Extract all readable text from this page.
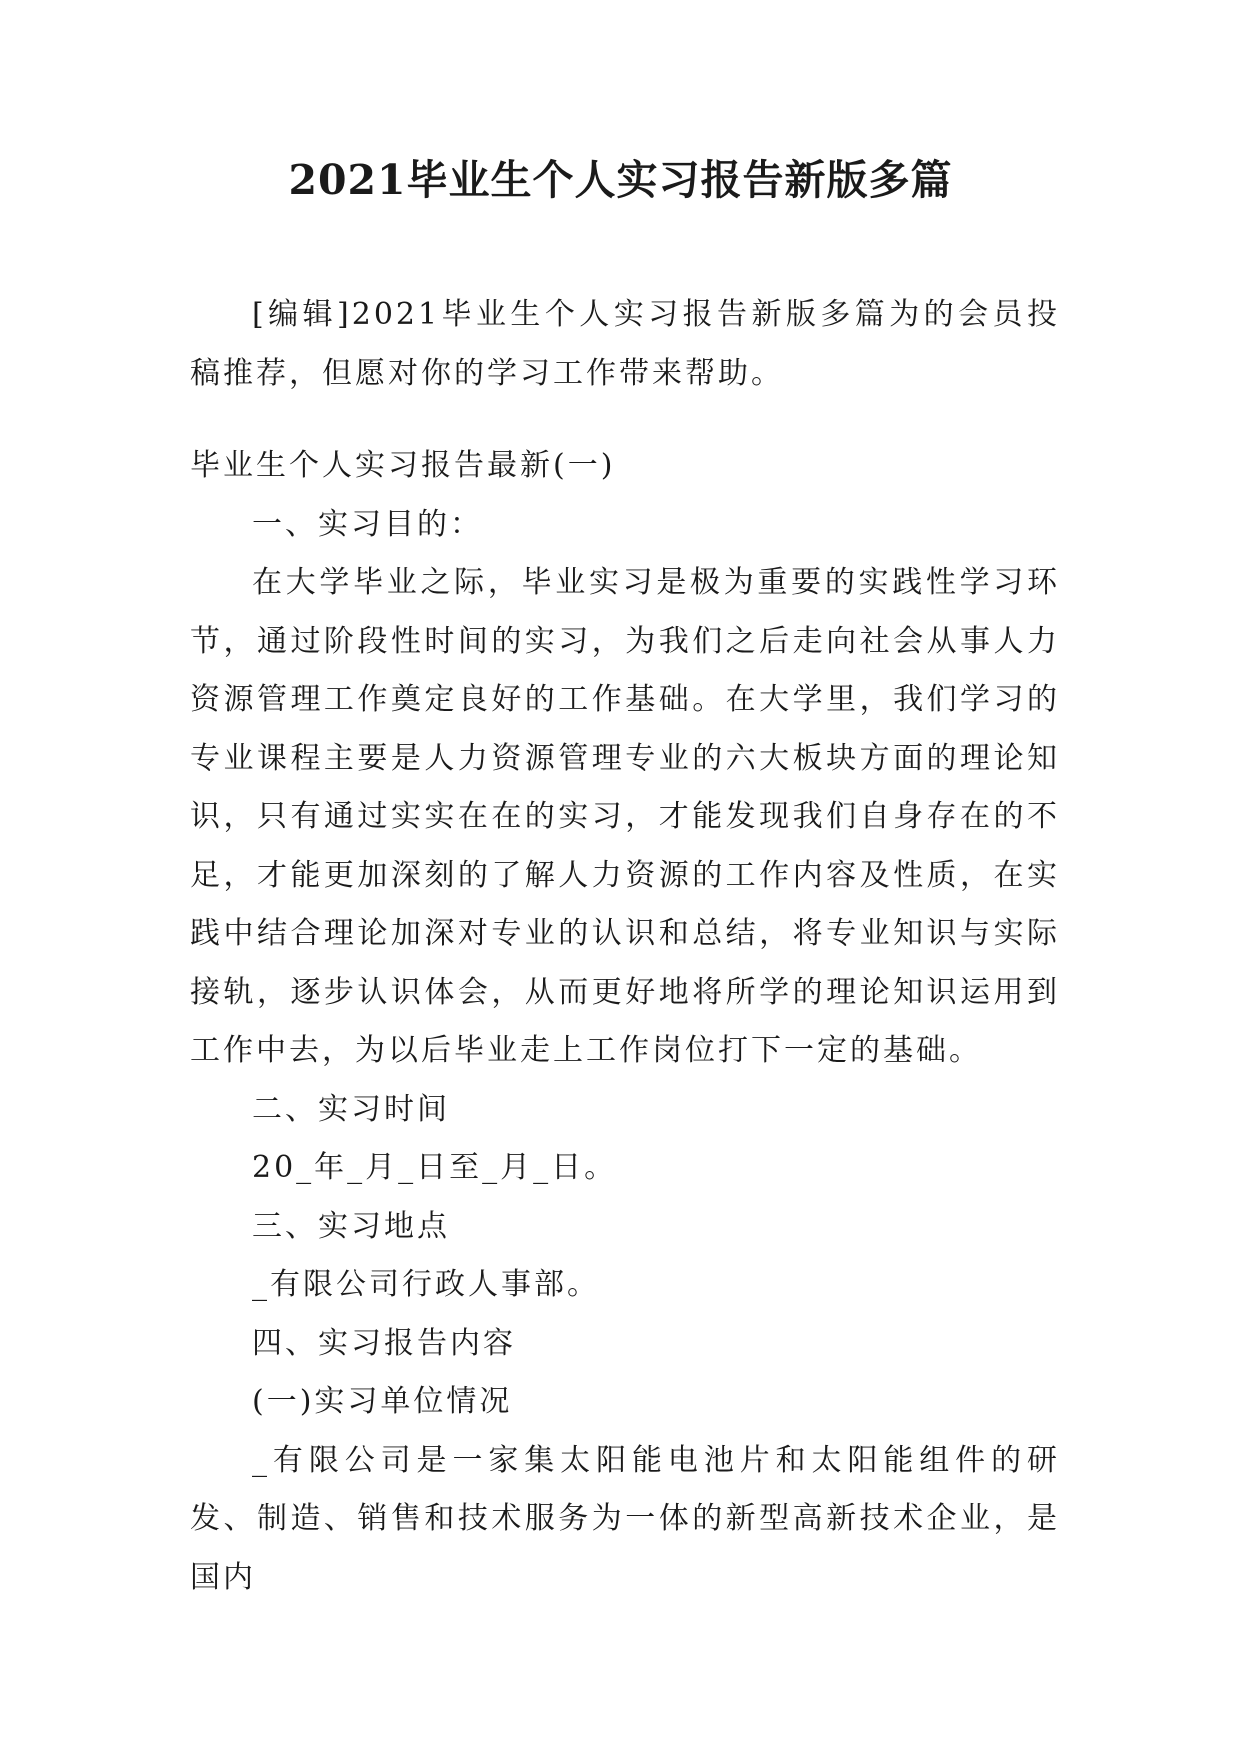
2021毕业生个人实习报告新版多篇

[编辑]2021毕业生个人实习报告新版多篇为的会员投稿推荐，但愿对你的学习工作带来帮助。

毕业生个人实习报告最新(一)

一、实习目的：

在大学毕业之际，毕业实习是极为重要的实践性学习环节，通过阶段性时间的实习，为我们之后走向社会从事人力资源管理工作奠定良好的工作基础。在大学里，我们学习的专业课程主要是人力资源管理专业的六大板块方面的理论知识，只有通过实实在在的实习，才能发现我们自身存在的不足，才能更加深刻的了解人力资源的工作内容及性质，在实践中结合理论加深对专业的认识和总结，将专业知识与实际接轨，逐步认识体会，从而更好地将所学的理论知识运用到工作中去，为以后毕业走上工作岗位打下一定的基础。

二、实习时间

20_年_月_日至_月_日。

三、实习地点

_有限公司行政人事部。

四、实习报告内容

(一)实习单位情况

_有限公司是一家集太阳能电池片和太阳能组件的研发、制造、销售和技术服务为一体的新型高新技术企业，是国内
